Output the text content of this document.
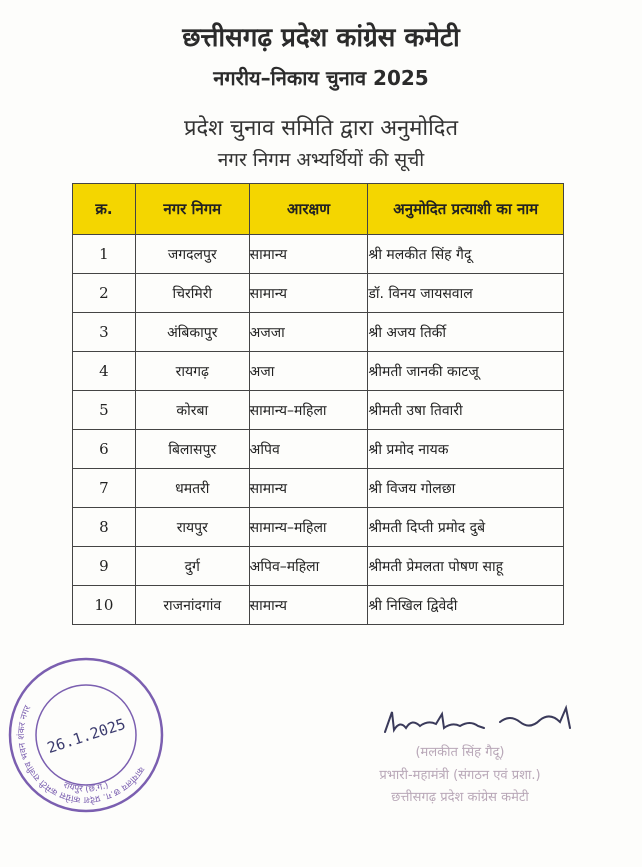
छत्तीसगढ़ प्रदेश कांग्रेस कमेटी
नगरीय–निकाय चुनाव 2025
प्रदेश चुनाव समिति द्वारा अनुमोदित
नगर निगम अभ्यर्थियों की सूची
क्र.	नगर निगम	आरक्षण	अनुमोदित प्रत्याशी का नाम
1	जगदलपुर	सामान्य	श्री मलकीत सिंह गैदू
2	चिरमिरी	सामान्य	डॉ. विनय जायसवाल
3	अंबिकापुर	अजजा	श्री अजय तिर्की
4	रायगढ़	अजा	श्रीमती जानकी काटजू
5	कोरबा	सामान्य–महिला	श्रीमती उषा तिवारी
6	बिलासपुर	अपिव	श्री प्रमोद नायक
7	धमतरी	सामान्य	श्री विजय गोलछा
8	रायपुर	सामान्य–महिला	श्रीमती दिप्ती प्रमोद दुबे
9	दुर्ग	अपिव–महिला	श्रीमती प्रेमलता पोषण साहू
10	राजनांदगांव	सामान्य	श्री निखिल द्विवेदी
कार्यालय छ.ग. प्रदेश कांग्रेस कमेटी राजीव भवन शंकर नगर
रायपुर (छ.ग.)
26.1.2025	(मलकीत सिंह गैदू)
प्रभारी-महामंत्री (संगठन एवं प्रशा.)
छत्तीसगढ़ प्रदेश कांग्रेस कमेटी
